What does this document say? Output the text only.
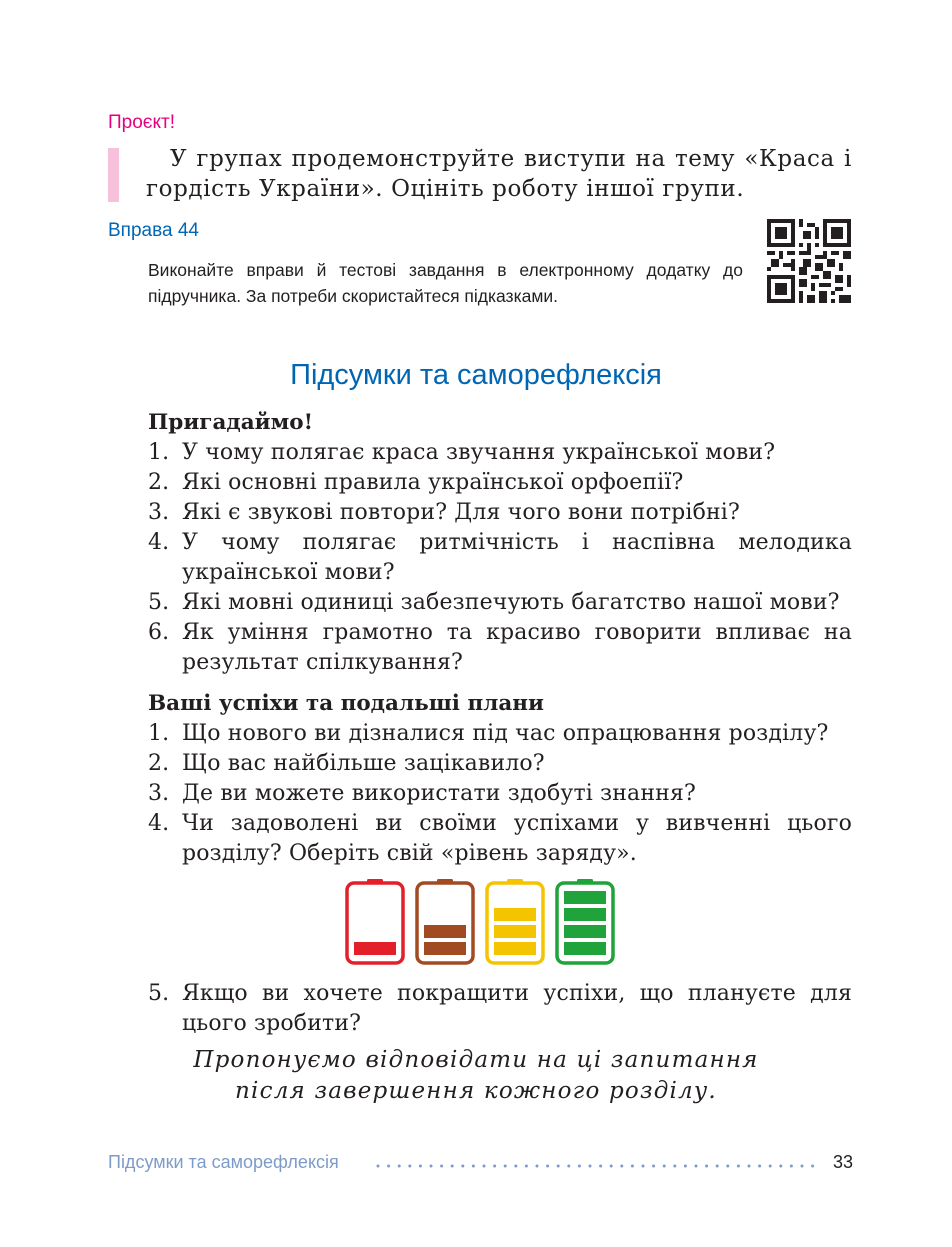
Проєкт!
У групах продемонструйте виступи на тему «Краса і гордість України». Оцініть роботу іншої групи.
Вправа 44
Виконайте вправи й тестові завдання в електронному додатку до підручника. За потреби скористайтеся підказками.
Підсумки та саморефлексія
Пригадаймо!
1. У чому полягає краса звучання української мови?
2. Які основні правила української орфоепії?
3. Які є звукові повтори? Для чого вони потрібні?
4. У чому полягає ритмічність і наспівна мелодика української мови?
5. Які мовні одиниці забезпечують багатство нашої мови?
6. Як уміння грамотно та красиво говорити впливає на результат спілкування?
Ваші успіхи та подальші плани
1. Що нового ви дізналися під час опрацювання розділу?
2. Що вас найбільше зацікавило?
3. Де ви можете використати здобуті знання?
4. Чи задоволені ви своїми успіхами у вивченні цього розділу? Оберіть свій «рівень заряду».
5. Якщо ви хочете покращити успіхи, що плануєте для цього зробити?
Пропонуємо відповідати на ці запитання
після завершення кожного розділу.
Підсумки та саморефлексія	33
